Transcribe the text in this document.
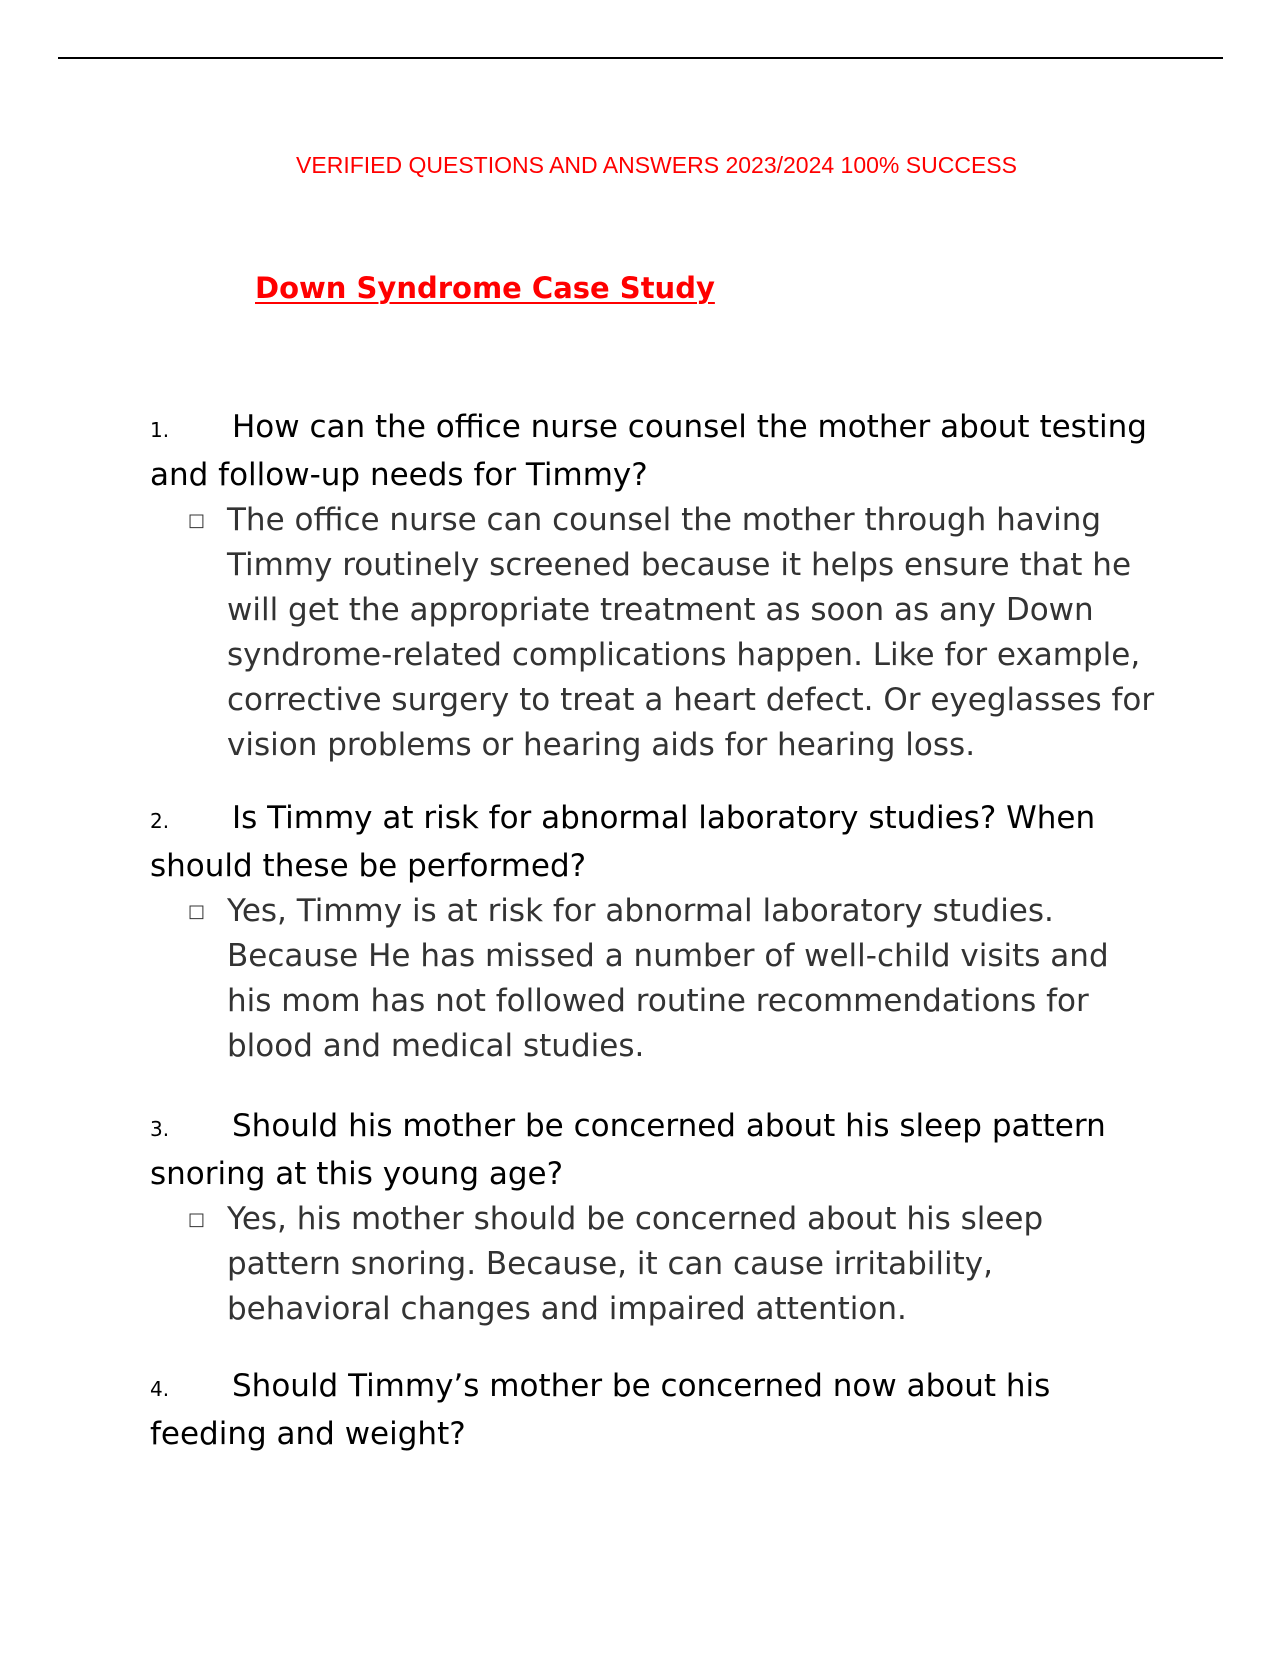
VERIFIED QUESTIONS AND ANSWERS 2023/2024 100% SUCCESS
Down Syndrome Case Study

1. How can the office nurse counsel the mother about testing and follow-up needs for Timmy?

□ The office nurse can counsel the mother through having Timmy routinely screened because it helps ensure that he will get the appropriate treatment as soon as any Down syndrome-related complications happen. Like for example, corrective surgery to treat a heart defect. Or eyeglasses for vision problems or hearing aids for hearing loss.

2. Is Timmy at risk for abnormal laboratory studies? When should these be performed?

□ Yes, Timmy is at risk for abnormal laboratory studies. Because He has missed a number of well-child visits and his mom has not followed routine recommendations for blood and medical studies.

3. Should his mother be concerned about his sleep pattern snoring at this young age?

□ Yes, his mother should be concerned about his sleep pattern snoring. Because, it can cause irritability, behavioral changes and impaired attention.

4. Should Timmy’s mother be concerned now about his feeding and weight?
